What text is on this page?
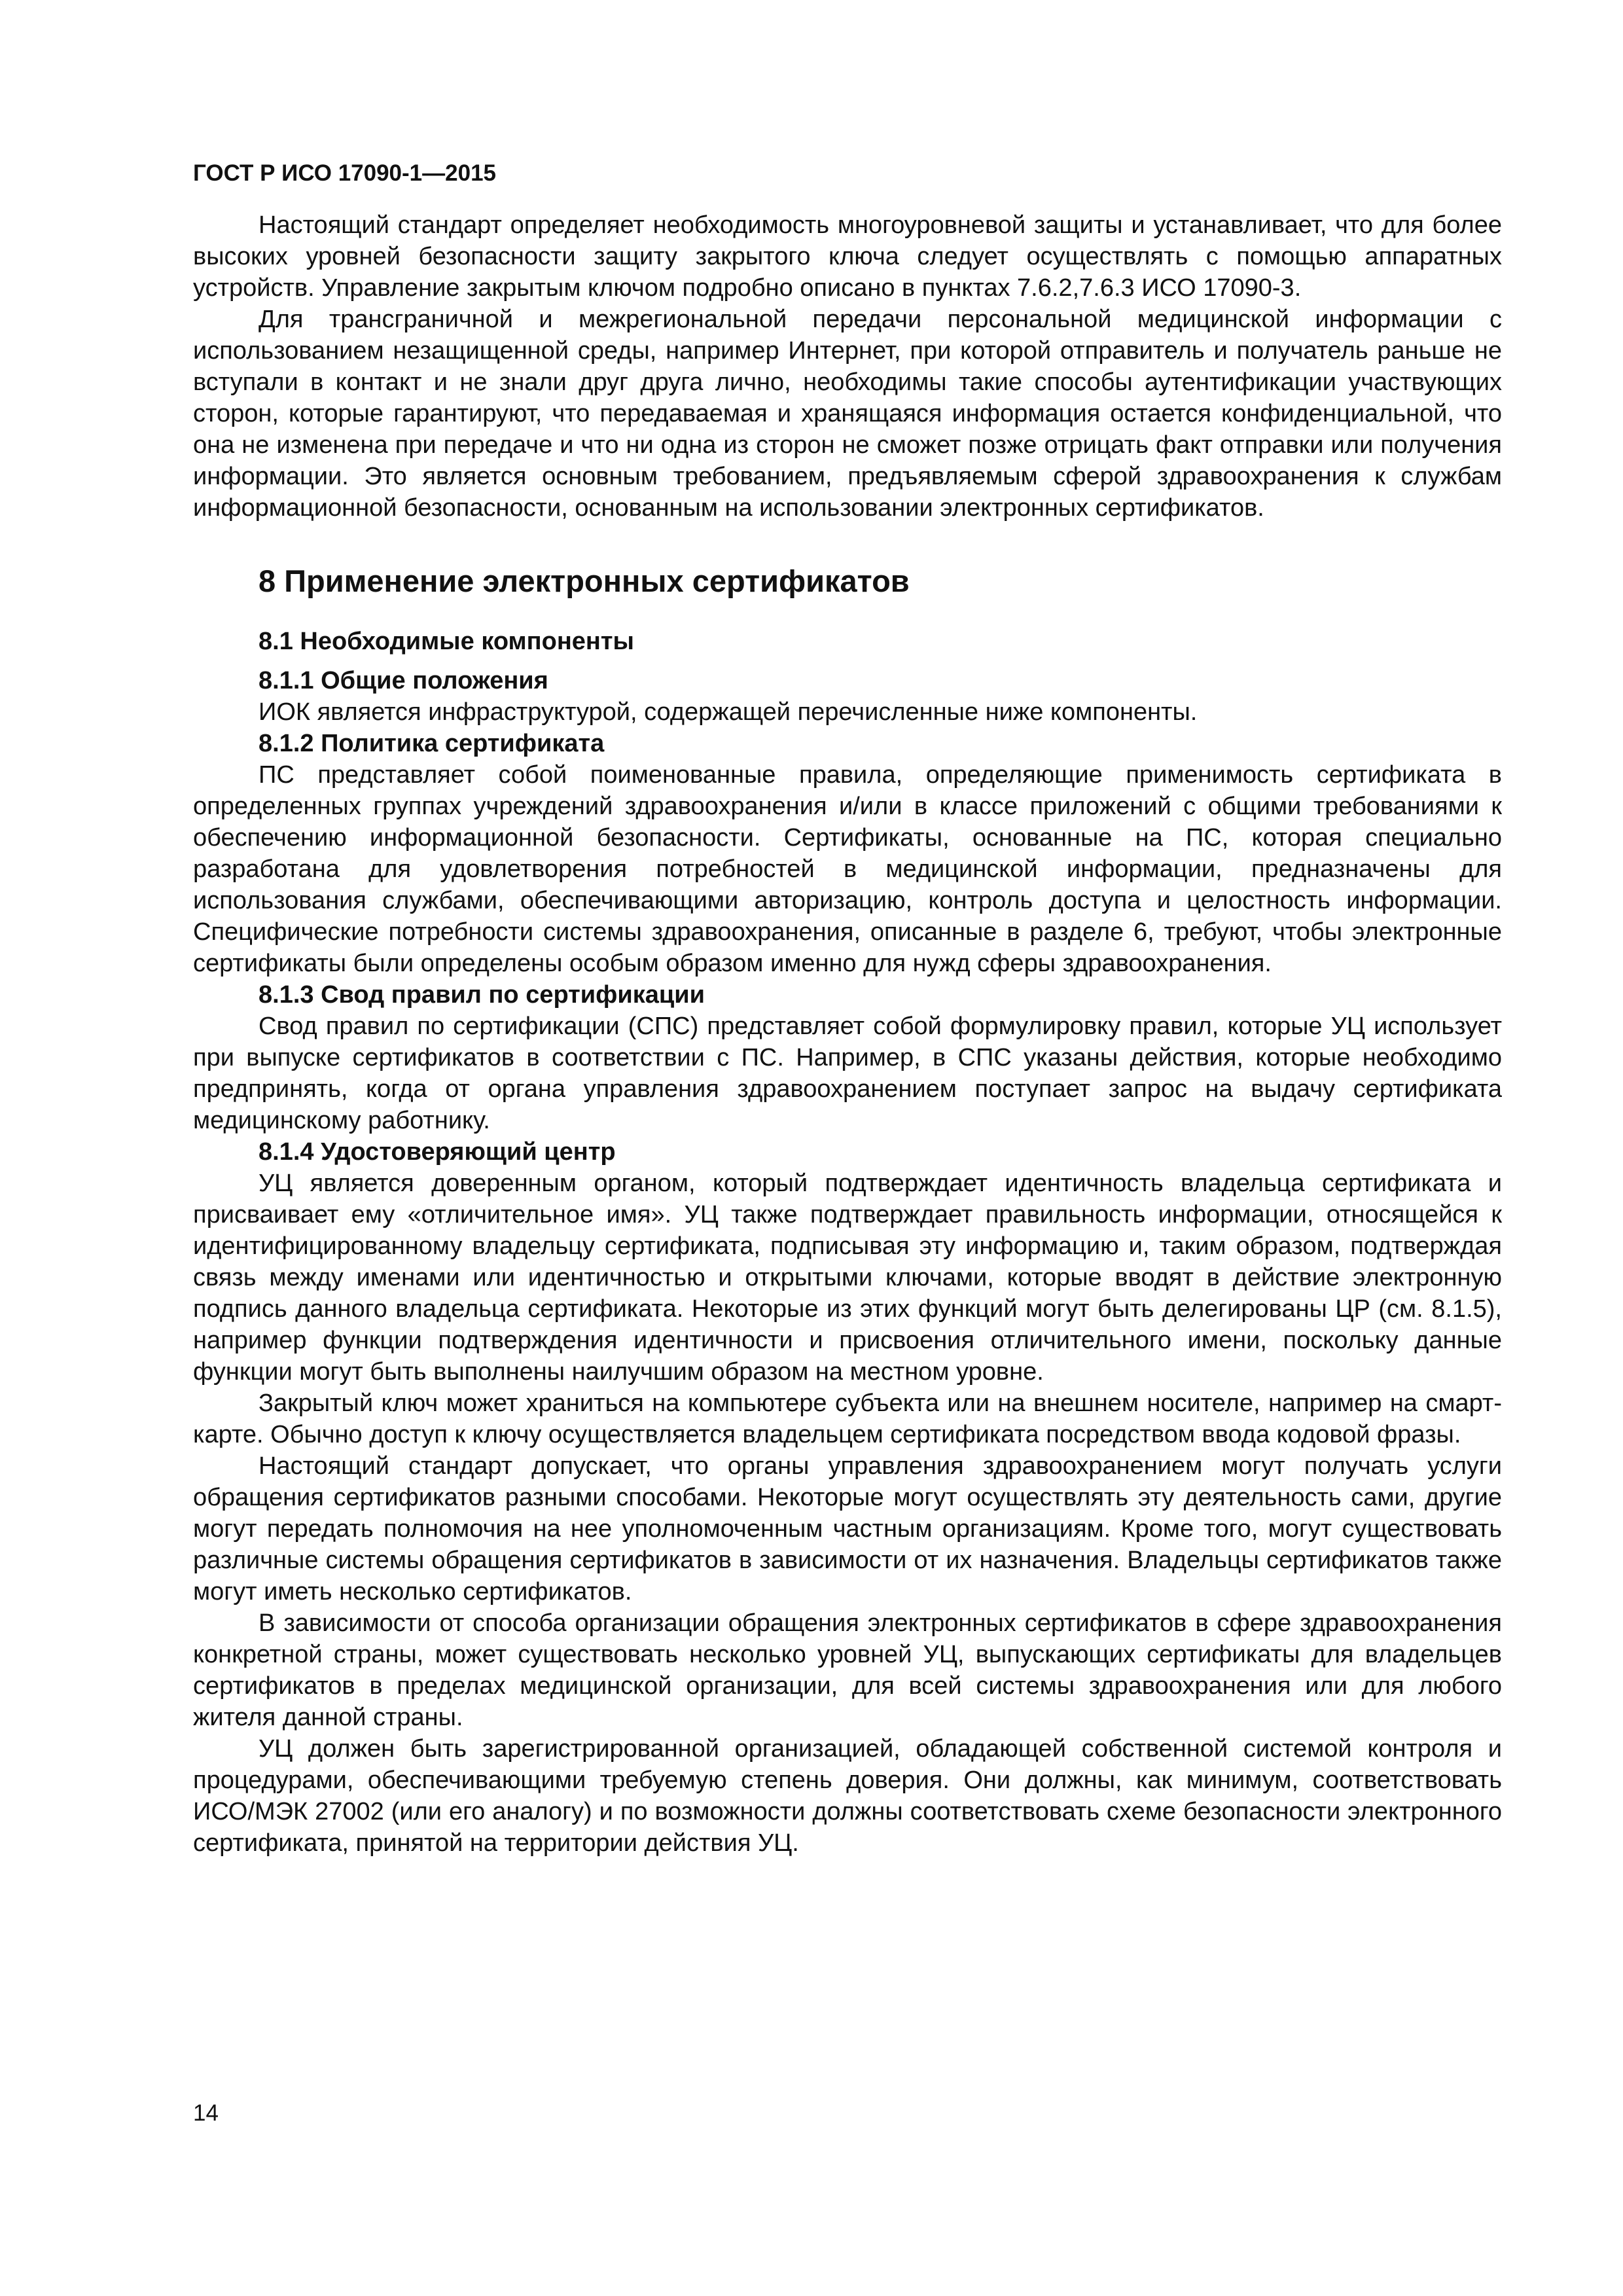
ГОСТ Р ИСО 17090-1—2015

Настоящий стандарт определяет необходимость многоуровневой защиты и устанавливает, что для более высоких уровней безопасности защиту закрытого ключа следует осуществлять с помощью аппаратных устройств. Управление закрытым ключом подробно описано в пунктах 7.6.2,7.6.3 ИСО 17090-3.

Для трансграничной и межрегиональной передачи персональной медицинской информации с использованием незащищенной среды, например Интернет, при которой отправитель и получатель раньше не вступали в контакт и не знали друг друга лично, необходимы такие способы аутентификации участвующих сторон, которые гарантируют, что передаваемая и хранящаяся информация остается конфиденциальной, что она не изменена при передаче и что ни одна из сторон не сможет позже отрицать факт отправки или получения информации. Это является основным требованием, предъявляемым сферой здравоохранения к службам информационной безопасности, основанным на использовании электронных сертификатов.

8 Применение электронных сертификатов
8.1 Необходимые компоненты
8.1.1 Общие положения

ИОК является инфраструктурой, содержащей перечисленные ниже компоненты.

8.1.2 Политика сертификата

ПС представляет собой поименованные правила, определяющие применимость сертификата в определенных группах учреждений здравоохранения и/или в классе приложений с общими требованиями к обеспечению информационной безопасности. Сертификаты, основанные на ПС, которая специально разработана для удовлетворения потребностей в медицинской информации, предназначены для использования службами, обеспечивающими авторизацию, контроль доступа и целостность информации. Специфические потребности системы здравоохранения, описанные в разделе 6, требуют, чтобы электронные сертификаты были определены особым образом именно для нужд сферы здравоохранения.

8.1.3 Свод правил по сертификации

Свод правил по сертификации (СПС) представляет собой формулировку правил, которые УЦ использует при выпуске сертификатов в соответствии с ПС. Например, в СПС указаны действия, которые необходимо предпринять, когда от органа управления здравоохранением поступает запрос на выдачу сертификата медицинскому работнику.

8.1.4 Удостоверяющий центр

УЦ является доверенным органом, который подтверждает идентичность владельца сертификата и присваивает ему «отличительное имя». УЦ также подтверждает правильность информации, относящейся к идентифицированному владельцу сертификата, подписывая эту информацию и, таким образом, подтверждая связь между именами или идентичностью и открытыми ключами, которые вводят в действие электронную подпись данного владельца сертификата. Некоторые из этих функций могут быть делегированы ЦР (см. 8.1.5), например функции подтверждения идентичности и присвоения отличительного имени, поскольку данные функции могут быть выполнены наилучшим образом на местном уровне.

Закрытый ключ может храниться на компьютере субъекта или на внешнем носителе, например на смарт-карте. Обычно доступ к ключу осуществляется владельцем сертификата посредством ввода кодовой фразы.

Настоящий стандарт допускает, что органы управления здравоохранением могут получать услуги обращения сертификатов разными способами. Некоторые могут осуществлять эту деятельность сами, другие могут передать полномочия на нее уполномоченным частным организациям. Кроме того, могут существовать различные системы обращения сертификатов в зависимости от их назначения. Владельцы сертификатов также могут иметь несколько сертификатов.

В зависимости от способа организации обращения электронных сертификатов в сфере здравоохранения конкретной страны, может существовать несколько уровней УЦ, выпускающих сертификаты для владельцев сертификатов в пределах медицинской организации, для всей системы здравоохранения или для любого жителя данной страны.

УЦ должен быть зарегистрированной организацией, обладающей собственной системой контроля и процедурами, обеспечивающими требуемую степень доверия. Они должны, как минимум, соответствовать ИСО/МЭК 27002 (или его аналогу) и по возможности должны соответствовать схеме безопасности электронного сертификата, принятой на территории действия УЦ.

14
